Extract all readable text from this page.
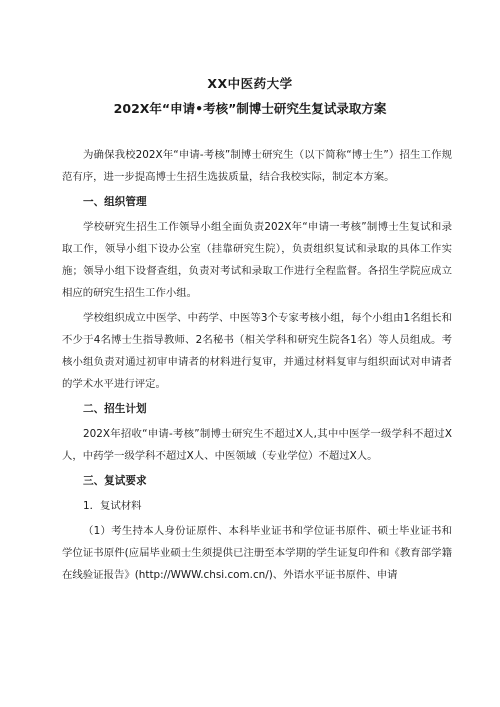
XX中医药大学
202X年“申请•考核”制博士研究生复试录取方案

为确保我校202X年“申请-考核”制博士研究生（以下简称“博士生”）招生工作规范有序，进一步提高博士生招生选拔质量，结合我校实际，制定本方案。

一、组织管理

学校研究生招生工作领导小组全面负责202X年“申请一考核”制博士生复试和录取工作，领导小组下设办公室（挂靠研究生院），负责组织复试和录取的具体工作实施；领导小组下设督查组，负责对考试和录取工作进行全程监督。各招生学院应成立相应的研究生招生工作小组。

学校组织成立中医学、中药学、中医等3个专家考核小组，每个小组由1名组长和不少于4名博士生指导教师、2名秘书（相关学科和研究生院各1名）等人员组成。考核小组负责对通过初审申请者的材料进行复审，并通过材料复审与组织面试对申请者的学术水平进行评定。

二、招生计划

202X年招收“申请-考核”制博士研究生不超过X人,其中中医学一级学科不超过X人，中药学一级学科不超过X人、中医领域（专业学位）不超过X人。

三、复试要求
1．复试材料

（1）考生持本人身份证原件、本科毕业证书和学位证书原件、硕士毕业证书和学位证书原件(应届毕业硕士生须提供已注册至本学期的学生证复印件和《教育部学籍在线验证报告》(http://WWW.chsi.com.cn/)、外语水平证书原件、申请
